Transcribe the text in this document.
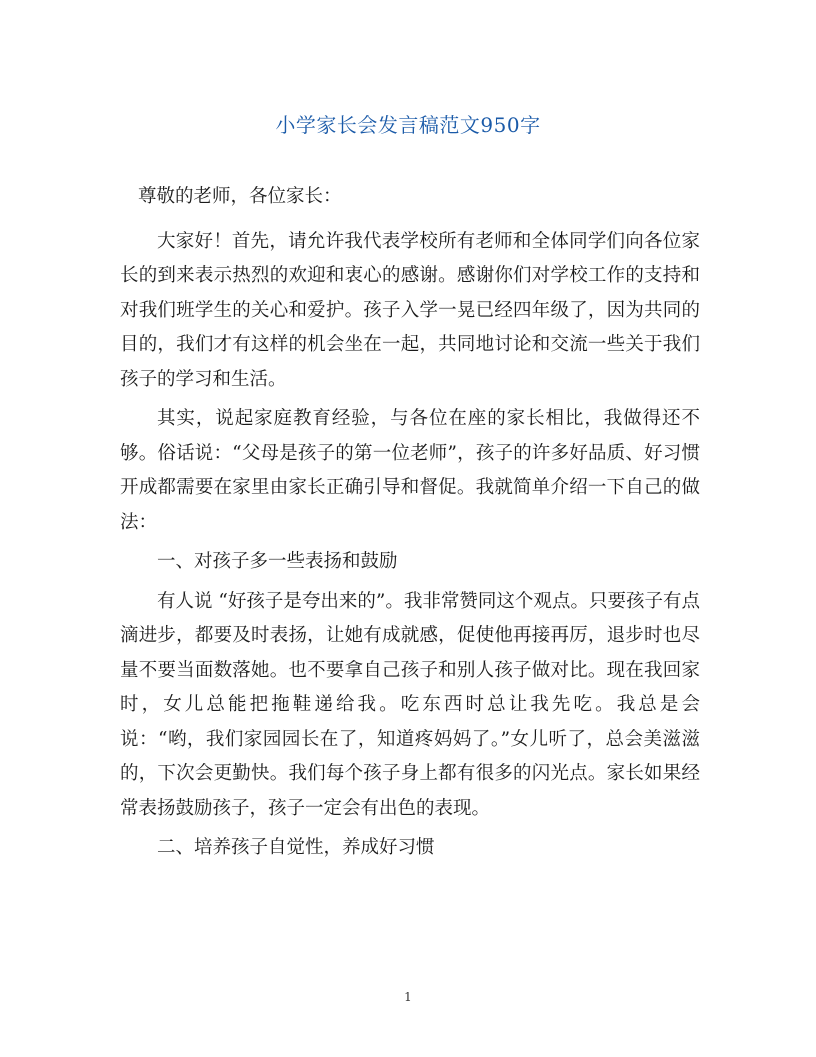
小学家长会发言稿范文950字

尊敬的老师，各位家长：

大家好！首先，请允许我代表学校所有老师和全体同学们向各位家长的到来表示热烈的欢迎和衷心的感谢。感谢你们对学校工作的支持和对我们班学生的关心和爱护。孩子入学一晃已经四年级了，因为共同的目的，我们才有这样的机会坐在一起，共同地讨论和交流一些关于我们孩子的学习和生活。

其实，说起家庭教育经验，与各位在座的家长相比，我做得还不够。俗话说：“父母是孩子的第一位老师”，孩子的许多好品质、好习惯开成都需要在家里由家长正确引导和督促。我就简单介绍一下自己的做法：

一、对孩子多一些表扬和鼓励

有人说 “好孩子是夸出来的”。我非常赞同这个观点。只要孩子有点滴进步，都要及时表扬，让她有成就感，促使他再接再厉，退步时也尽量不要当面数落她。也不要拿自己孩子和别人孩子做对比。现在我回家时，女儿总能把拖鞋递给我。吃东西时总让我先吃。我总是会说：“哟，我们家园园长在了，知道疼妈妈了。”女儿听了，总会美滋滋的，下次会更勤快。我们每个孩子身上都有很多的闪光点。家长如果经常表扬鼓励孩子，孩子一定会有出色的表现。

二、培养孩子自觉性，养成好习惯

1
